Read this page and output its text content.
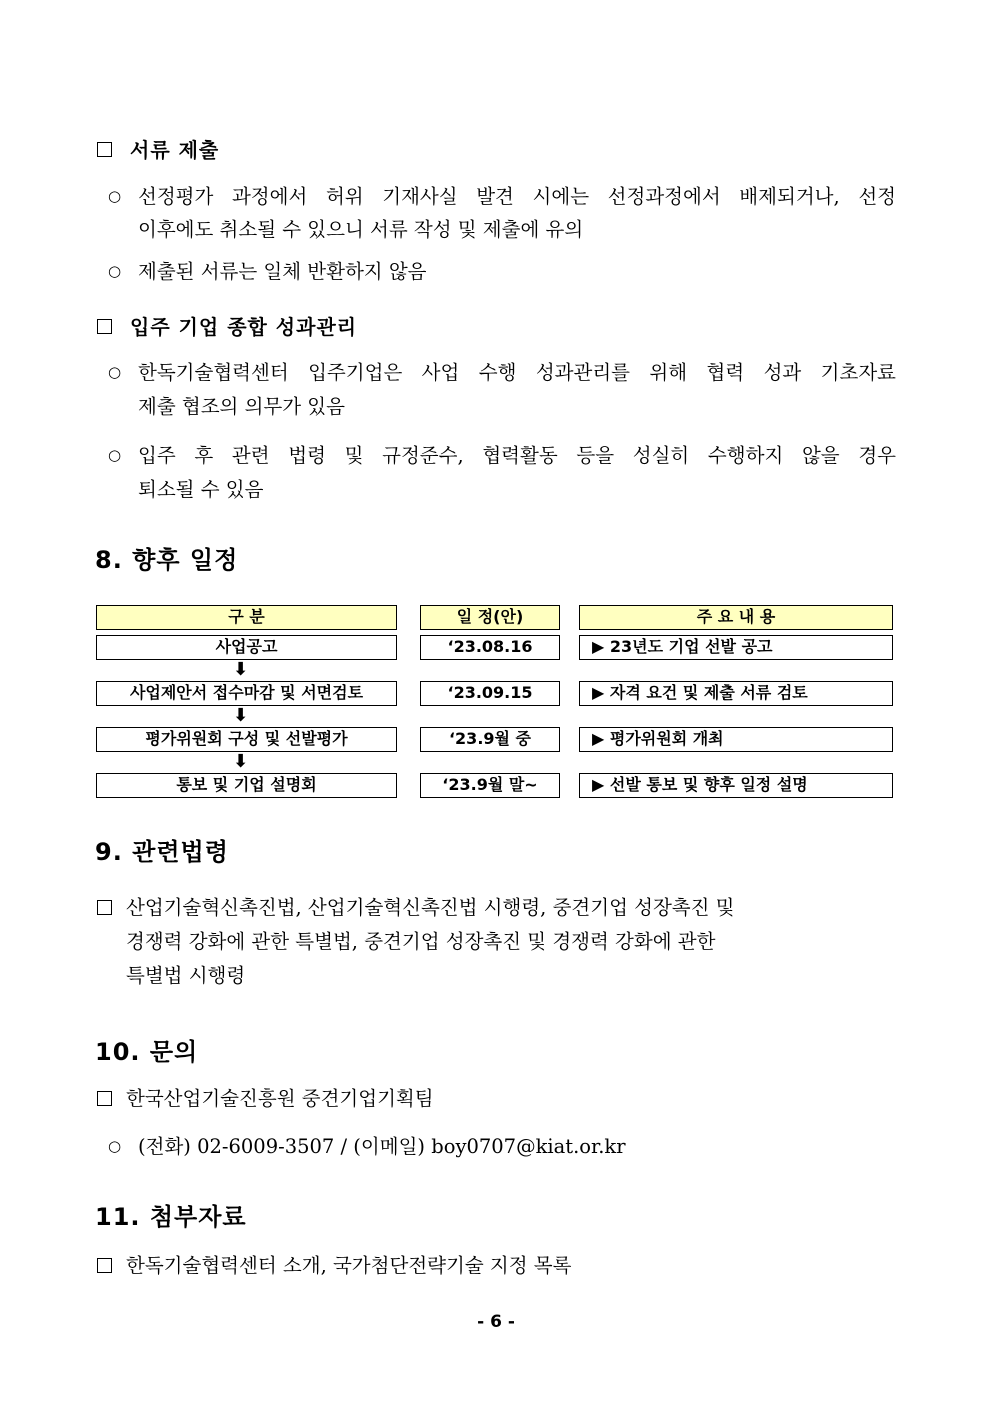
서류 제출
○ 선정평가 과정에서 허위 기재사실 발견 시에는 선정과정에서 배제되거나, 선정
이후에도 취소될 수 있으니 서류 작성 및 제출에 유의
○ 제출된 서류는 일체 반환하지 않음
입주 기업 종합 성과관리
○ 한독기술협력센터 입주기업은 사업 수행 성과관리를 위해 협력 성과 기초자료
제출 협조의 의무가 있음
○ 입주 후 관련 법령 및 규정준수, 협력활동 등을 성실히 수행하지 않을 경우
퇴소될 수 있음
8. 향후 일정
구 분	일 정(안)	주 요 내 용
사업공고	‘23.08.16	▶ 23년도 기업 선발 공고
⬇
사업제안서 접수마감 및 서면검토	‘23.09.15	▶ 자격 요건 및 제출 서류 검토
⬇
평가위원회 구성 및 선발평가	‘23.9월 중	▶ 평가위원회 개최
⬇
통보 및 기업 설명회	‘23.9월 말~	▶ 선발 통보 및 향후 일정 설명
9. 관련법령
산업기술혁신촉진법, 산업기술혁신촉진법 시행령, 중견기업 성장촉진 및
경쟁력 강화에 관한 특별법, 중견기업 성장촉진 및 경쟁력 강화에 관한
특별법 시행령
10. 문의
한국산업기술진흥원 중견기업기획팀
○ (전화) 02-6009-3507 / (이메일) boy0707@kiat.or.kr
11. 첨부자료
한독기술협력센터 소개, 국가첨단전략기술 지정 목록
- 6 -
